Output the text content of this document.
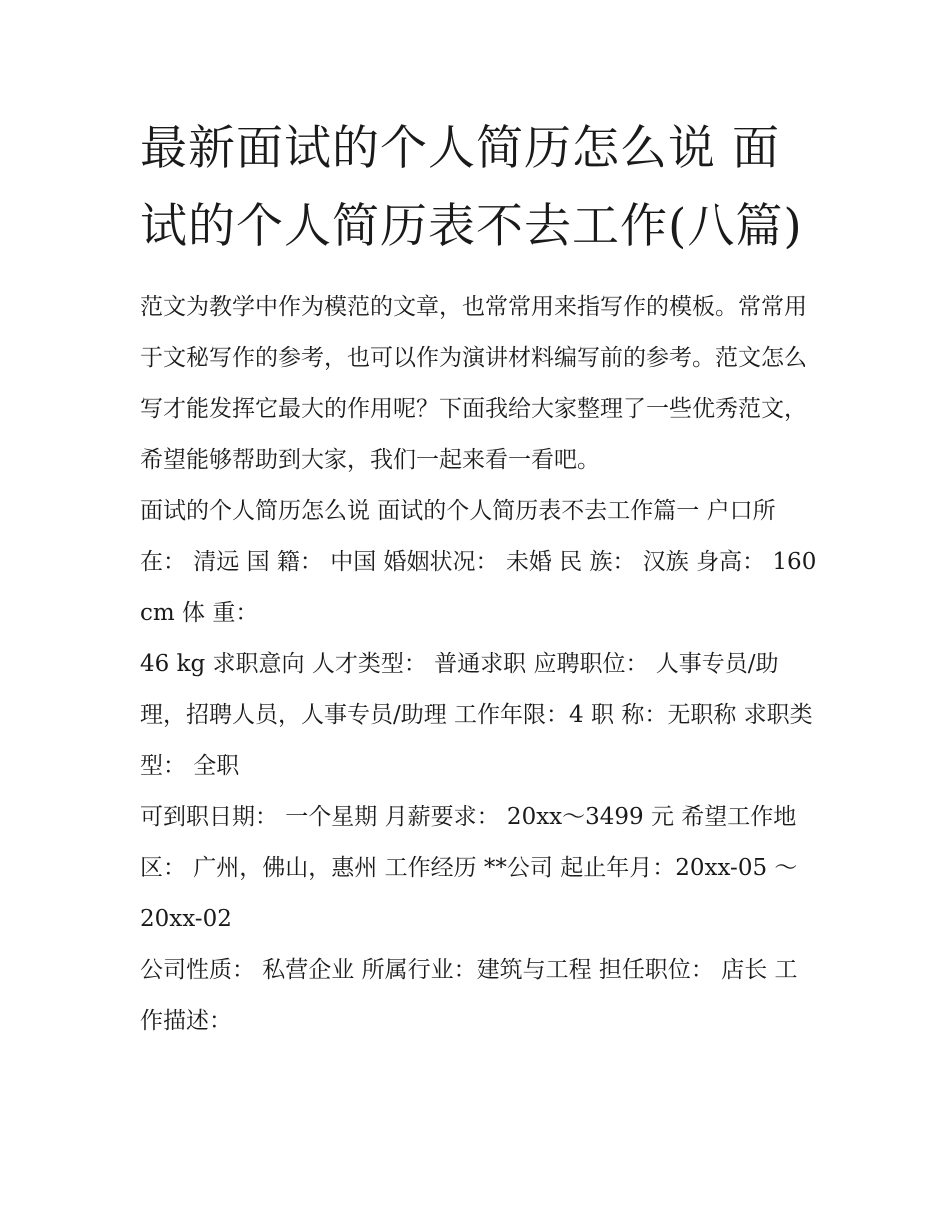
最新面试的个人简历怎么说 面试的个人简历表不去工作(八篇)

范文为教学中作为模范的文章，也常常用来指写作的模板。常常用于文秘写作的参考，也可以作为演讲材料编写前的参考。范文怎么写才能发挥它最大的作用呢？下面我给大家整理了一些优秀范文，希望能够帮助到大家，我们一起来看一看吧。

面试的个人简历怎么说 面试的个人简历表不去工作篇一 户口所在： 清远 国 籍： 中国 婚姻状况： 未婚 民 族： 汉族 身高： 160 cm 体 重：

46 kg 求职意向 人才类型： 普通求职 应聘职位： 人事专员/助理，招聘人员，人事专员/助理 工作年限：4 职 称：无职称 求职类型： 全职

可到职日期： 一个星期 月薪要求： 20xx～3499 元 希望工作地区： 广州，佛山，惠州 工作经历 **公司 起止年月：20xx-05 ～ 20xx-02

公司性质： 私营企业 所属行业：建筑与工程 担任职位： 店长 工作描述：
